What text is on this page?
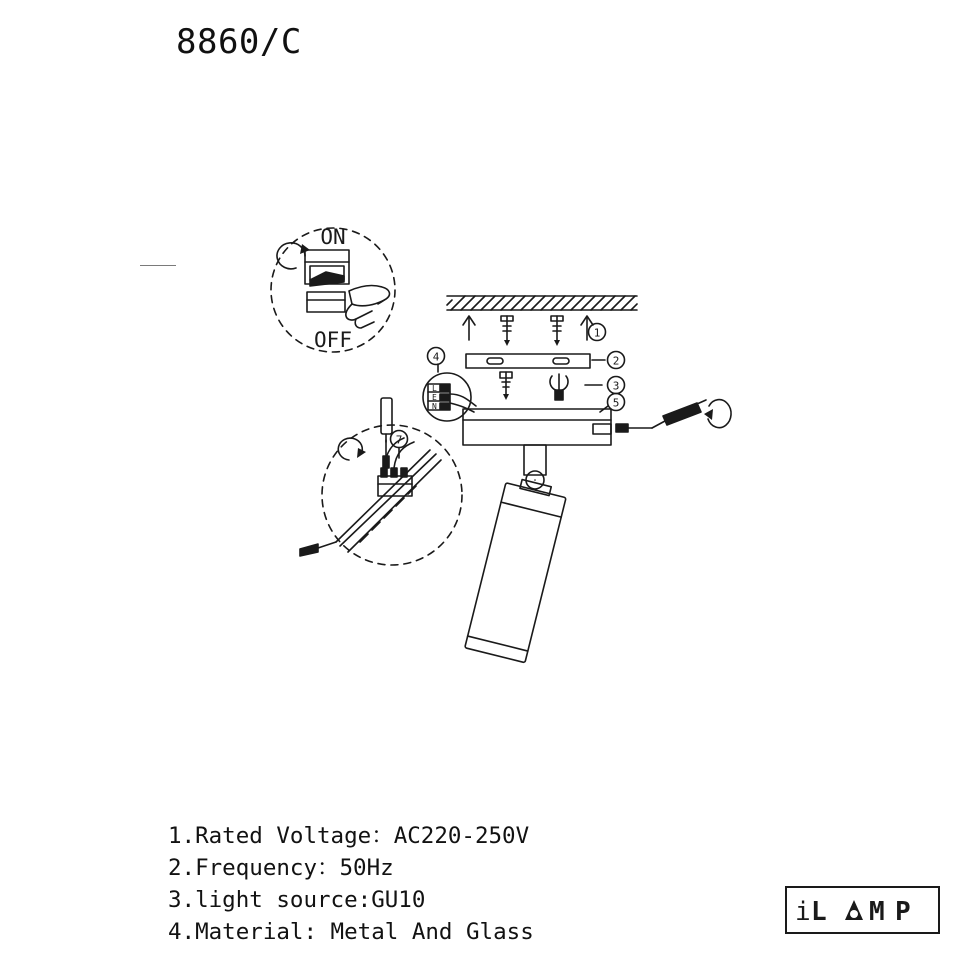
8860/C
1
2
3
L
E
N
4
5
7
ON
OFF
1.Rated Voltage：AC220-250V
2.Frequency：50Hz
3.light source:GU10
4.Material: Metal And Glass
i L A M P
